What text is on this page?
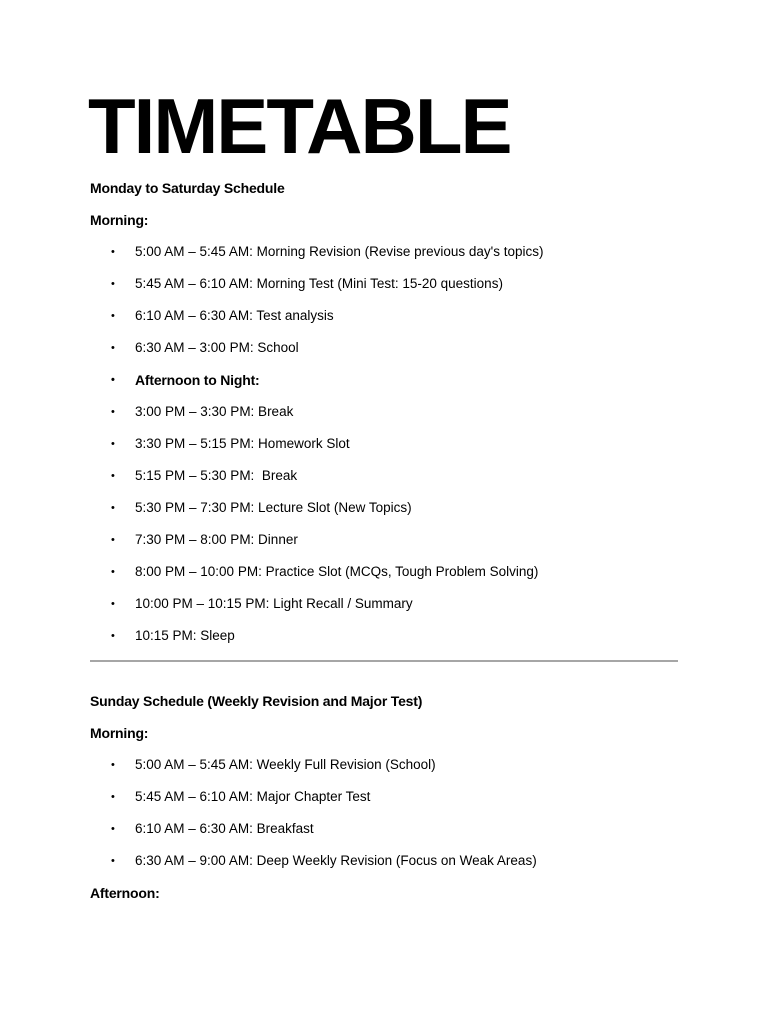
TIMETABLE

Monday to Saturday Schedule

Morning:

• 5:00 AM – 5:45 AM: Morning Revision (Revise previous day's topics)
• 5:45 AM – 6:10 AM: Morning Test (Mini Test: 15-20 questions)
• 6:10 AM – 6:30 AM: Test analysis
• 6:30 AM – 3:00 PM: School
• Afternoon to Night:
• 3:00 PM – 3:30 PM: Break
• 3:30 PM – 5:15 PM: Homework Slot
• 5:15 PM – 5:30 PM:  Break
• 5:30 PM – 7:30 PM: Lecture Slot (New Topics)
• 7:30 PM – 8:00 PM: Dinner
• 8:00 PM – 10:00 PM: Practice Slot (MCQs, Tough Problem Solving)
• 10:00 PM – 10:15 PM: Light Recall / Summary
• 10:15 PM: Sleep

Sunday Schedule (Weekly Revision and Major Test)

Morning:

• 5:00 AM – 5:45 AM: Weekly Full Revision (School)
• 5:45 AM – 6:10 AM: Major Chapter Test
• 6:10 AM – 6:30 AM: Breakfast
• 6:30 AM – 9:00 AM: Deep Weekly Revision (Focus on Weak Areas)

Afternoon:
